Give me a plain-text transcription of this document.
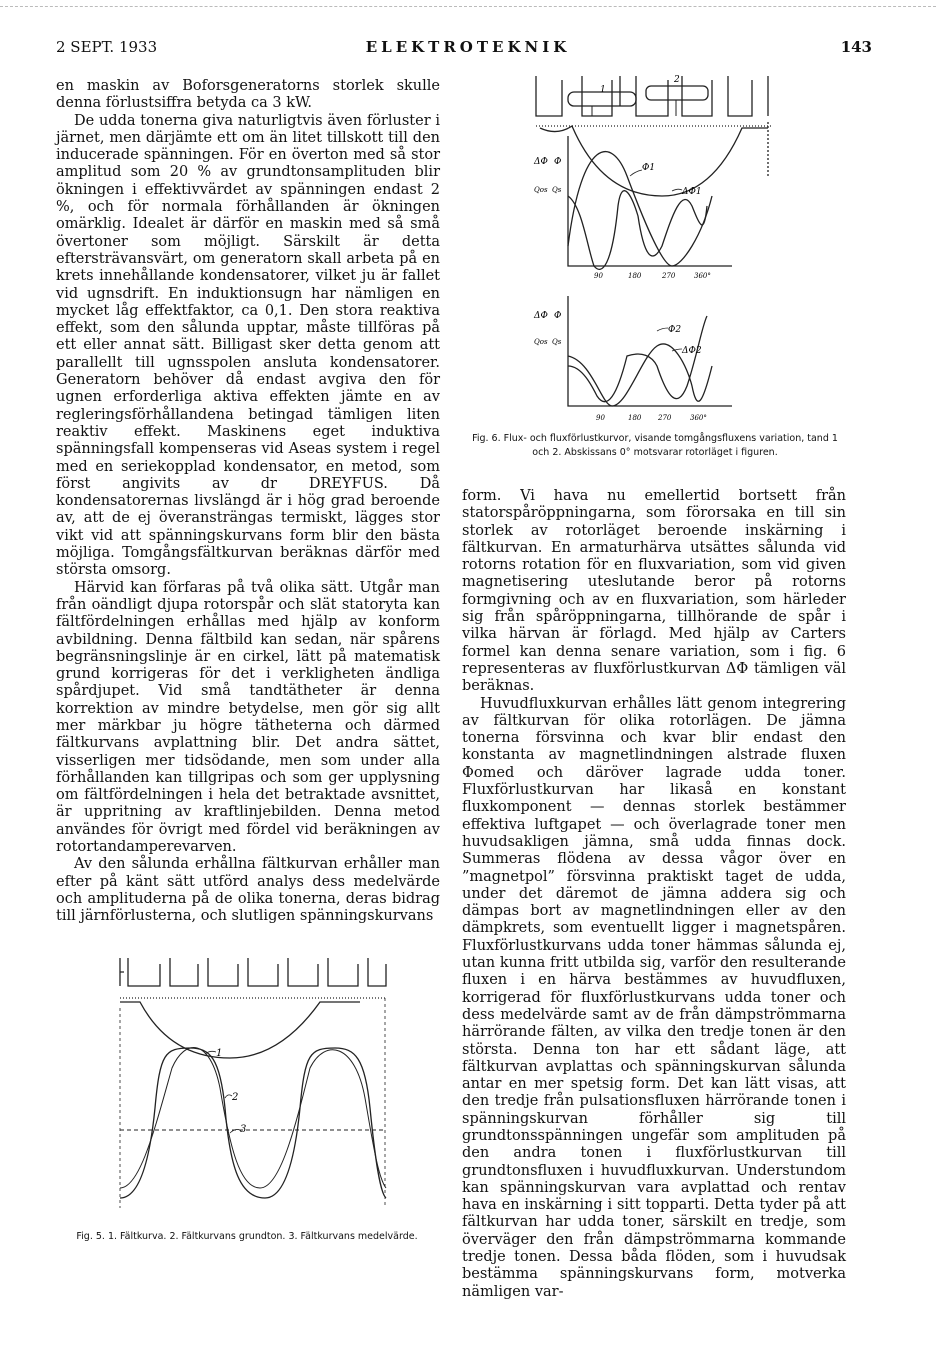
2 SEPT. 1933	ELEKTROTEKNIK	143

en maskin av Boforsgeneratorns storlek skulle denna förlustsiffra betyda ca 3 kW.

De udda tonerna giva naturligtvis även förluster i järnet, men därjämte ett om än litet tillskott till den inducerade spänningen. För en överton med så stor amplitud som 20 % av grundtonsamplituden blir ökningen i effektivvärdet av spänningen endast 2 %, och för normala förhållanden är ökningen omärklig. Idealet är därför en maskin med så små övertoner som möjligt. Särskilt är detta eftersträvansvärt, om generatorn skall arbeta på en krets innehållande kondensatorer, vilket ju är fallet vid ugnsdrift. En induktionsugn har nämligen en mycket låg effektfaktor, ca 0,1. Den stora reaktiva effekt, som den sålunda upptar, måste tillföras på ett eller annat sätt. Billigast sker detta genom att parallellt till ugnsspolen ansluta kondensatorer. Generatorn behöver då endast avgiva den för ugnen erforderliga aktiva effekten jämte en av regleringsförhållandena betingad tämligen liten reaktiv effekt. Maskinens eget induktiva spänningsfall kompenseras vid Aseas system i regel med en seriekopplad kondensator, en metod, som först angivits av dr DREYFUS. Då kondensatorernas livslängd är i hög grad beroende av, att de ej överansträngas termiskt, lägges stor vikt vid att spänningskurvans form blir den bästa möjliga. Tomgångsfältkurvan beräknas därför med största omsorg.

Härvid kan förfaras på två olika sätt. Utgår man från oändligt djupa rotorspår och slät statoryta kan fältfördelningen erhållas med hjälp av konform avbildning. Denna fältbild kan sedan, när spårens begränsningslinje är en cirkel, lätt på matematisk grund korrigeras för det i verkligheten ändliga spårdjupet. Vid små tandtätheter är denna korrektion av mindre betydelse, men gör sig allt mer märkbar ju högre tätheterna och därmed fältkurvans avplattning blir. Det andra sättet, visserligen mer tidsödande, men som under alla förhållanden kan tillgripas och som ger upplysning om fältfördelningen i hela det betraktade avsnittet, är uppritning av kraftlinjebilden. Denna metod användes för övrigt med fördel vid beräkningen av rotortandamperevarven.

Av den sålunda erhållna fältkurvan erhåller man efter på känt sätt utförd analys dess medelvärde och amplituderna på de olika tonerna, deras bidrag till järnförlusterna, och slutligen spänningskurvans

1
2
3
Fig. 5. 1. Fältkurva. 2. Fältkurvans grundton. 3. Fältkurvans medelvärde.
1
2
ΔΦ Φ
Qos Qs
Φ1
ΔΦ1
90	180	270	360°
ΔΦ Φ
Qos Qs
Φ2
ΔΦ2
90	180 270	360°
Fig. 6. Flux- och fluxförlustkurvor, visande tomgångsfluxens variation, tand 1 och 2. Abskissans 0° motsvarar rotorläget i figuren.

form. Vi hava nu emellertid bortsett från statorspåröppningarna, som förorsaka en till sin storlek av rotorläget beroende inskärning i fältkurvan. En armaturhärva utsättes sålunda vid rotorns rotation för en fluxvariation, som vid given magnetisering uteslutande beror på rotorns formgivning och av en fluxvariation, som härleder sig från spåröppningarna, tillhörande de spår i vilka härvan är förlagd. Med hjälp av Carters formel kan denna senare variation, som i fig. 6 representeras av fluxförlustkurvan ΔΦ tämligen väl beräknas.

Huvudfluxkurvan erhålles lätt genom integrering av fältkurvan för olika rotorlägen. De jämna tonerna försvinna och kvar blir endast den konstanta av magnetlindningen alstrade fluxen Φomed och däröver lagrade udda toner. Fluxförlustkurvan har likaså en konstant fluxkomponent — dennas storlek bestämmer effektiva luftgapet — och överlagrade toner men huvudsakligen jämna, små udda finnas dock. Summeras flödena av dessa vågor över en ”magnetpol” försvinna praktiskt taget de udda, under det däremot de jämna addera sig och dämpas bort av magnetlindningen eller av den dämpkrets, som eventuellt ligger i magnetspåren. Fluxförlustkurvans udda toner hämmas sålunda ej, utan kunna fritt utbilda sig, varför den resulterande fluxen i en härva bestämmes av huvudfluxen, korrigerad för fluxförlustkurvans udda toner och dess medelvärde samt av de från dämpströmmarna härrörande fälten, av vilka den tredje tonen är den största. Denna ton har ett sådant läge, att fältkurvan avplattas och spänningskurvan sålunda antar en mer spetsig form. Det kan lätt visas, att den tredje från pulsationsfluxen härrörande tonen i spänningskurvan förhåller sig till grundtonsspänningen ungefär som amplituden på den andra tonen i fluxförlustkurvan till grundtonsfluxen i huvudfluxkurvan. Understundom kan spänningskurvan vara avplattad och rentav hava en inskärning i sitt topparti. Detta tyder på att fältkurvan har udda toner, särskilt en tredje, som överväger den från dämpströmmarna kommande tredje tonen. Dessa båda flöden, som i huvudsak bestämma spänningskurvans form, motverka nämligen var-
